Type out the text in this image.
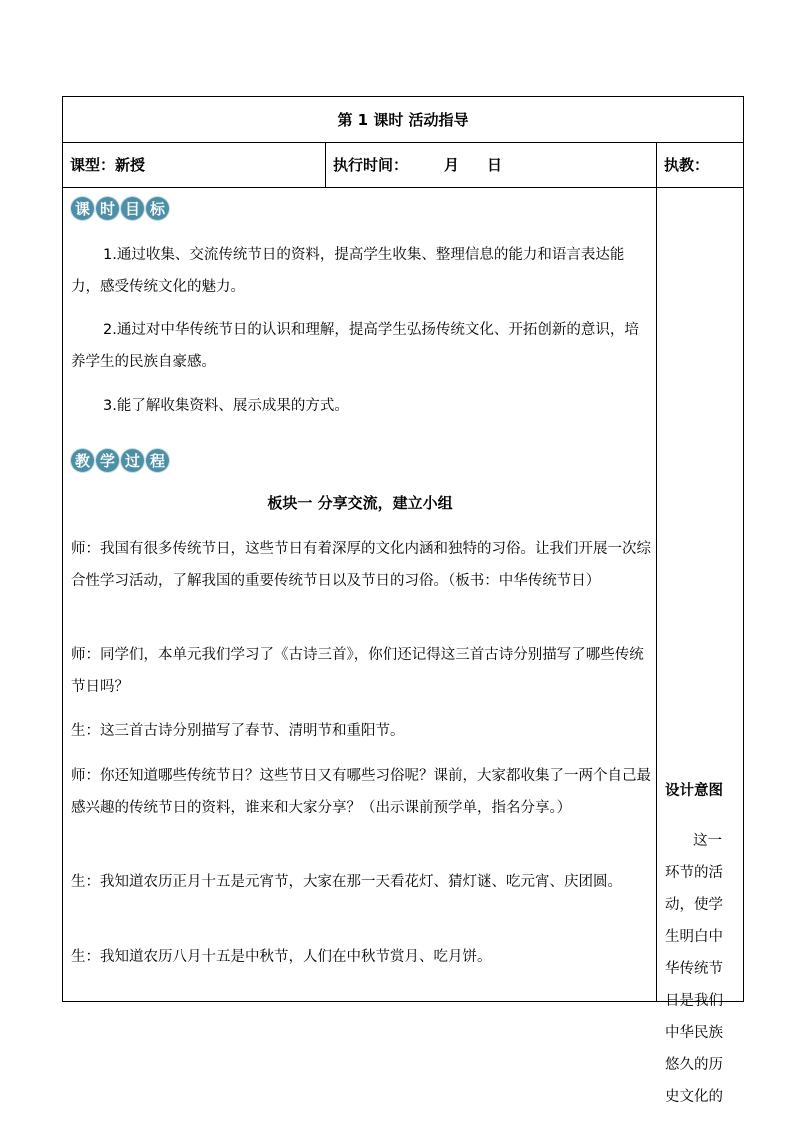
第 1 课时 活动指导
课型：新授	执行时间： 月 日	执教：
课 时 目 标
1.通过收集、交流传统节日的资料，提高学生收集、整理信息的能力和语言表达能力，感受传统文化的魅力。
2.通过对中华传统节日的认识和理解，提高学生弘扬传统文化、开拓创新的意识，培养学生的民族自豪感。
3.能了解收集资料、展示成果的方式。
教 学 过 程
板块一 分享交流，建立小组
师：我国有很多传统节日，这些节日有着深厚的文化内涵和独特的习俗。让我们开展一次综合性学习活动，了解我国的重要传统节日以及节日的习俗。（板书：中华传统节日）
师：同学们，本单元我们学习了《古诗三首》，你们还记得这三首古诗分别描写了哪些传统节日吗？
生：这三首古诗分别描写了春节、清明节和重阳节。
师：你还知道哪些传统节日？这些节日又有哪些习俗呢？课前，大家都收集了一两个自己最感兴趣的传统节日的资料，谁来和大家分享？（出示课前预学单，指名分享。）
生：我知道农历正月十五是元宵节，大家在那一天看花灯、猜灯谜、吃元宵、庆团圆。
生：我知道农历八月十五是中秋节，人们在中秋节赏月、吃月饼。
设计意图
这一环节的活动，使学生明白中华传统节日是我们中华民族悠久的历史文化的
